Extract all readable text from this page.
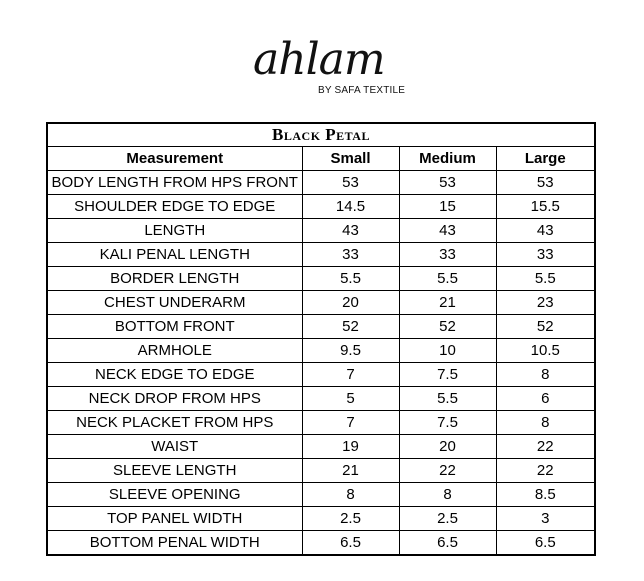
ahlam
BY SAFA TEXTILE
Black Petal			
Measurement	Small	Medium	Large
BODY LENGTH FROM HPS FRONT	53	53	53
SHOULDER EDGE TO EDGE	14.5	15	15.5
LENGTH	43	43	43
KALI PENAL LENGTH	33	33	33
BORDER LENGTH	5.5	5.5	5.5
CHEST UNDERARM	20	21	23
BOTTOM FRONT	52	52	52
ARMHOLE	9.5	10	10.5
NECK EDGE TO EDGE	7	7.5	8
NECK DROP FROM HPS	5	5.5	6
NECK PLACKET FROM HPS	7	7.5	8
WAIST	19	20	22
SLEEVE LENGTH	21	22	22
SLEEVE OPENING	8	8	8.5
TOP PANEL WIDTH	2.5	2.5	3
BOTTOM PENAL WIDTH	6.5	6.5	6.5
